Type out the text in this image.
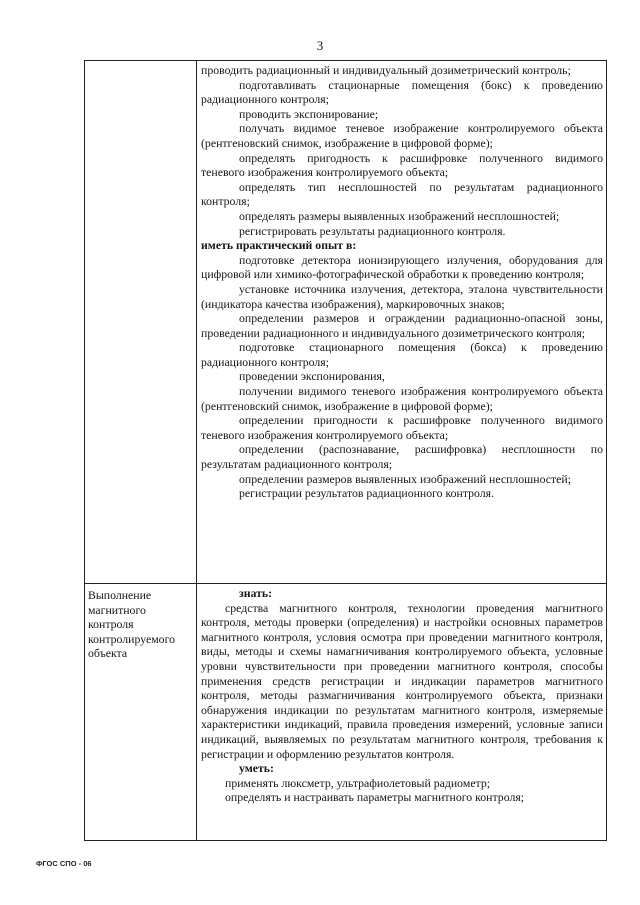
3

проводить радиационный и индивидуальный дозиметрический контроль;

подготавливать стационарные помещения (бокс) к проведению радиационного контроля;

проводить экспонирование;

получать видимое теневое изображение контролируемого объекта (рентгеновский снимок, изображение в цифровой форме);

определять пригодность к расшифровке полученного видимого теневого изображения контролируемого объекта;

определять тип несплошностей по результатам радиационного контроля;

определять размеры выявленных изображений несплошностей;

регистрировать результаты радиационного контроля.

иметь практический опыт в:

подготовке детектора ионизирующего излучения, оборудования для цифровой или химико-фотографической обработки к проведению контроля;

установке источника излучения, детектора, эталона чувствительности (индикатора качества изображения), маркировочных знаков;

определении размеров и ограждении радиационно-опасной зоны, проведении радиационного и индивидуального дозиметрического контроля;

подготовке стационарного помещения (бокса) к проведению радиационного контроля;

проведении экспонирования,

получении видимого теневого изображения контролируемого объекта (рентгеновский снимок, изображение в цифровой форме);

определении пригодности к расшифровке полученного видимого теневого изображения контролируемого объекта;

определении (распознавание, расшифровка) несплошности по результатам радиационного контроля;

определении размеров выявленных изображений несплошностей;

регистрации результатов радиационного контроля.

Выполнение
магнитного
контроля
контролируемого
объекта

знать:

средства магнитного контроля, технологии проведения магнитного контроля, методы проверки (определения) и настройки основных параметров магнитного контроля, условия осмотра при проведении магнитного контроля, виды, методы и схемы намагничивания контролируемого объекта, условные уровни чувствительности при проведении магнитного контроля, способы применения средств регистрации и индикации параметров магнитного контроля, методы размагничивания контролируемого объекта, признаки обнаружения индикации по результатам магнитного контроля, измеряемые характеристики индикаций, правила проведения измерений, условные записи индикаций, выявляемых по результатам магнитного контроля, требования к регистрации и оформлению результатов контроля.

уметь:

применять люксметр, ультрафиолетовый радиометр;

определять и настраивать параметры магнитного контроля;

ФГОС СПО - 06
